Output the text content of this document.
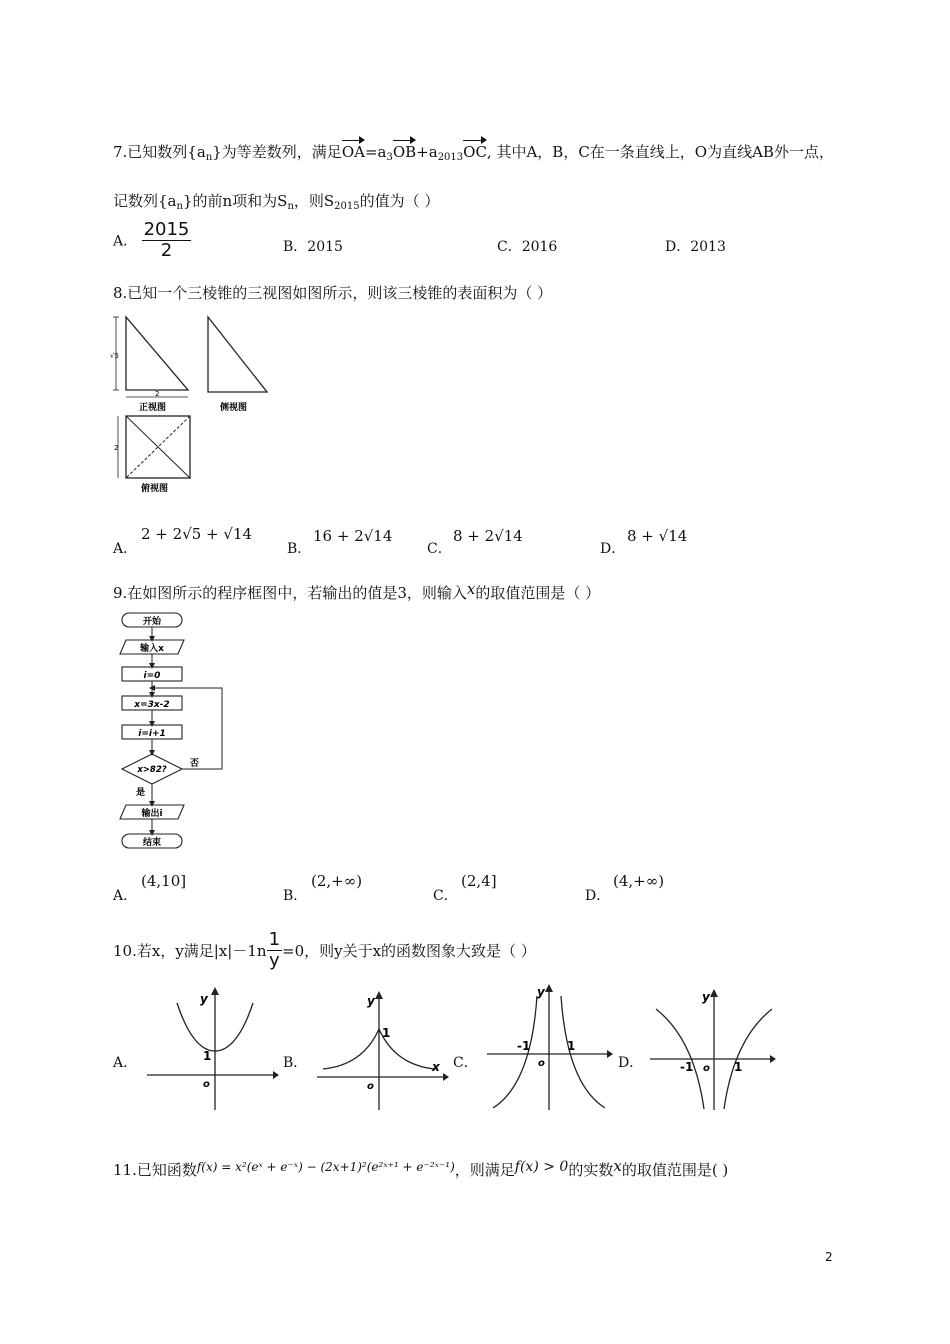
7.已知数列$\{a_n\}$为等差数列，满足$OA=a_3OB+a_{2013}OC$, 其中A，B，C在一条直线上，O为直线AB外一点，
记数列$\{a_n\}$的前n项和为$S_n$，则$S_{2015}$的值为（ ）
A． $\frac{2015}{2}$	B．2015	C．2016	D．2013
8.已知一个三棱锥的三视图如图所示，则该三棱锥的表面积为（ ）
√5
2
正视图	侧视图
2
俯视图
A．
2 + 2√5 + √14
B．
16 + 2√14
C．
8 + 2√14
D．
8 + √14
9.在如图所示的程序框图中，若输出的值是3，则输入x的取值范围是（ ）
开始
输入x
i=0
x=3x-2
i=i+1
x>82?
否
是
输出i
结束
A．
(4,10]
B．
(2,+∞)
C．
(2,4]
D．
(4,+∞)
10.若x，y满足$|x|-1n \frac{1}{y} =0$，则y关于x的函数图象大致是（ ）
A．
y
1
o
B．
y
1
o
x C．
y
-1	1
o	D．
y
-1	1
o
11.已知函数$^{f(x) = x^2(eˣ + e^-ˣ) - (2x+1)^2(e^2ˣ^{+1} + e^{-2}ˣ^{-1})}$，则满足f(x) > 0的实数x的取值范围是( )
2
